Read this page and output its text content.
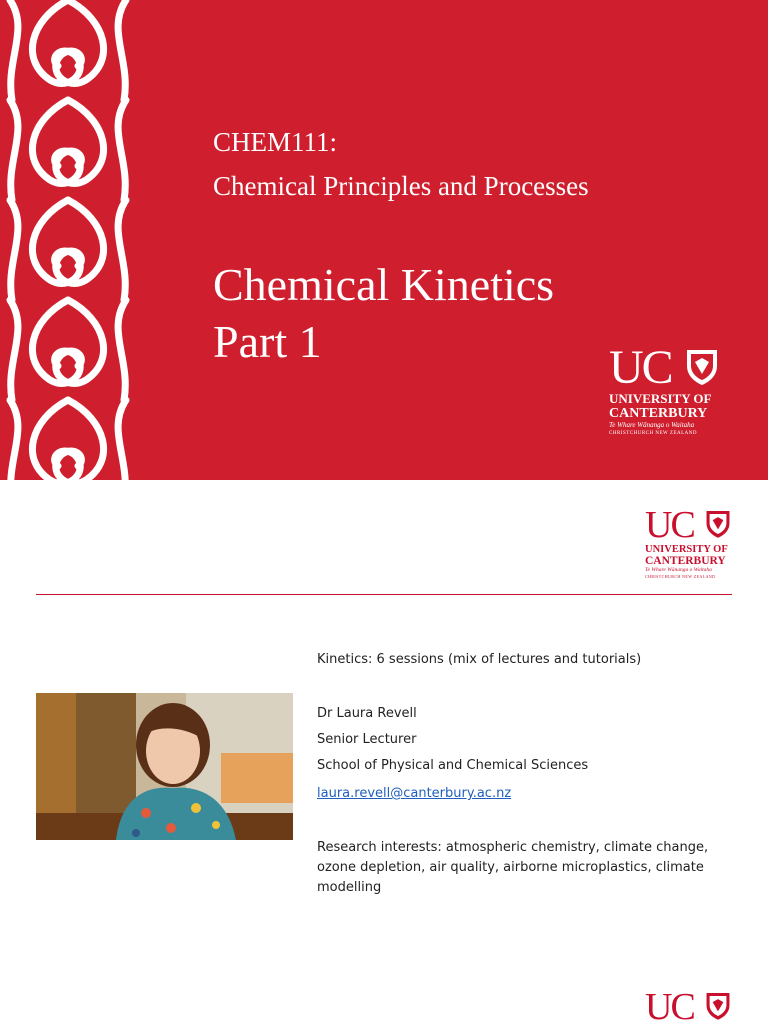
CHEM111:
Chemical Principles and Processes
Chemical Kinetics
Part 1	UC
UNIVERSITY OF
CANTERBURY
Te Whare Wānanga o Waitaha
CHRISTCHURCH NEW ZEALAND
UC
UNIVERSITY OF
CANTERBURY
Te Whare Wānanga o Waitaha
CHRISTCHURCH NEW ZEALAND
Kinetics: 6 sessions (mix of lectures and tutorials)
Dr Laura Revell
Senior Lecturer
School of Physical and Chemical Sciences
laura.revell@canterbury.ac.nz
Research interests: atmospheric chemistry, climate change,
ozone depletion, air quality, airborne microplastics, climate
modelling
UC
